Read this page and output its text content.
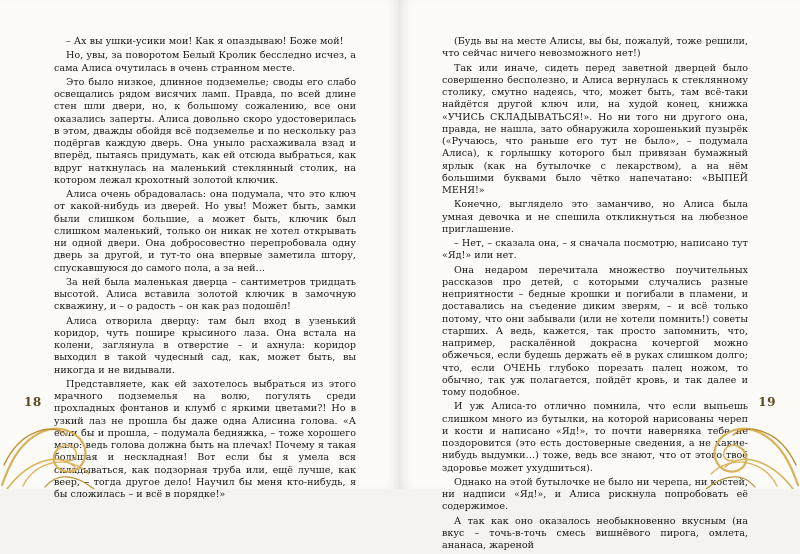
– Ах вы ушки-усики мои! Как я опаздываю! Боже мой!

Но, увы, за поворотом Белый Кролик бесследно исчез, а сама Алиса очутилась в очень странном месте.

Это было низкое, длинное подземелье; своды его слабо освещались рядом висячих ламп. Правда, по всей длине стен шли двери, но, к большому сожалению, все они оказались заперты. Алиса довольно скоро удостоверилась в этом, дважды обойдя всё подземелье и по нескольку раз подёргав каждую дверь. Она уныло расхаживала взад и вперёд, пытаясь придумать, как ей отсюда выбраться, как вдруг наткнулась на маленький стеклянный столик, на котором лежал крохотный золотой ключик.

Алиса очень обрадовалась: она подумала, что это ключ от какой-нибудь из дверей. Но увы! Может быть, замки были слишком большие, а может быть, ключик был слишком маленький, только он никак не хотел открывать ни одной двери. Она добросовестно перепробовала одну дверь за другой, и тут-то она впервые заметила штору, спускавшуюся до самого пола, а за ней…

За ней была маленькая дверца – сантиметров тридцать высотой. Алиса вставила золотой ключик в замочную скважину, и – о радость – он как раз подошёл!

Алиса отворила дверцу: там был вход в узенький коридор, чуть пошире крысиного лаза. Она встала на колени, заглянула в отверстие – и ахнула: коридор выходил в такой чудесный сад, как, может быть, вы никогда и не видывали.

Представляете, как ей захотелось выбраться из этого мрачного подземелья на волю, погулять среди прохладных фонтанов и клумб с яркими цветами?! Но в узкий лаз не прошла бы даже одна Алисина голова. «А если бы и прошла, – подумала бедняжка, – тоже хорошего мало: ведь голова должна быть на плечах! Почему я такая большая и нескладная! Вот если бы я умела вся складываться, как подзорная труба или, ещё лучше, как веер, – тогда другое дело! Научил бы меня кто-нибудь, я бы сложилась – и всё в порядке!»

18

(Будь вы на месте Алисы, вы бы, пожалуй, тоже решили, что сейчас ничего невозможного нет!)

Так или иначе, сидеть перед заветной дверцей было совершенно бесполезно, и Алиса вернулась к стеклянному столику, смутно надеясь, что, может быть, там всё-таки найдётся другой ключ или, на худой конец, книжка «УЧИСЬ СКЛАДЫВАТЬСЯ!». Но ни того ни другого она, правда, не нашла, зато обнаружила хорошенький пузырёк («Ручаюсь, что раньше его тут не было», – подумала Алиса), к горлышку которого был привязан бумажный ярлык (как на бутылочке с лекарством), а на нём большими буквами было чётко напечатано: «ВЫПЕЙ МЕНЯ!»

Конечно, выглядело это заманчиво, но Алиса была умная девочка и не спешила откликнуться на любезное приглашение.

– Нет, – сказала она, – я сначала посмотрю, написано тут «Яд!» или нет.

Она недаром перечитала множество поучительных рассказов про детей, с которыми случались разные неприятности – бедные крошки и погибали в пламени, и доставались на съедение диким зверям, – и всё только потому, что они забывали (или не хотели помнить!) советы старших. А ведь, кажется, так просто запомнить, что, например, раскалённой докрасна кочергой можно обжечься, если будешь держать её в руках слишком долго; что, если ОЧЕНЬ глубоко порезать палец ножом, то обычно, так уж полагается, пойдёт кровь, и так далее и тому подобное.

И уж Алиса-то отлично помнила, что если выпьешь слишком много из бутылки, на которой нарисованы череп и кости и написано «Яд!», то почти наверняка тебе не поздоровится (это есть достоверные сведения, а не какие-нибудь выдумки…) тоже, ведь все знают, что от этого твоё здоровье может ухудшиться).

Однако на этой бутылочке не было ни черепа, ни костей, ни надписи «Яд!», и Алиса рискнула попробовать её содержимое.

А так как оно оказалось необыкновенно вкусным (на вкус – точь-в-точь смесь вишнёвого пирога, омлета, ананаса, жареной

19
